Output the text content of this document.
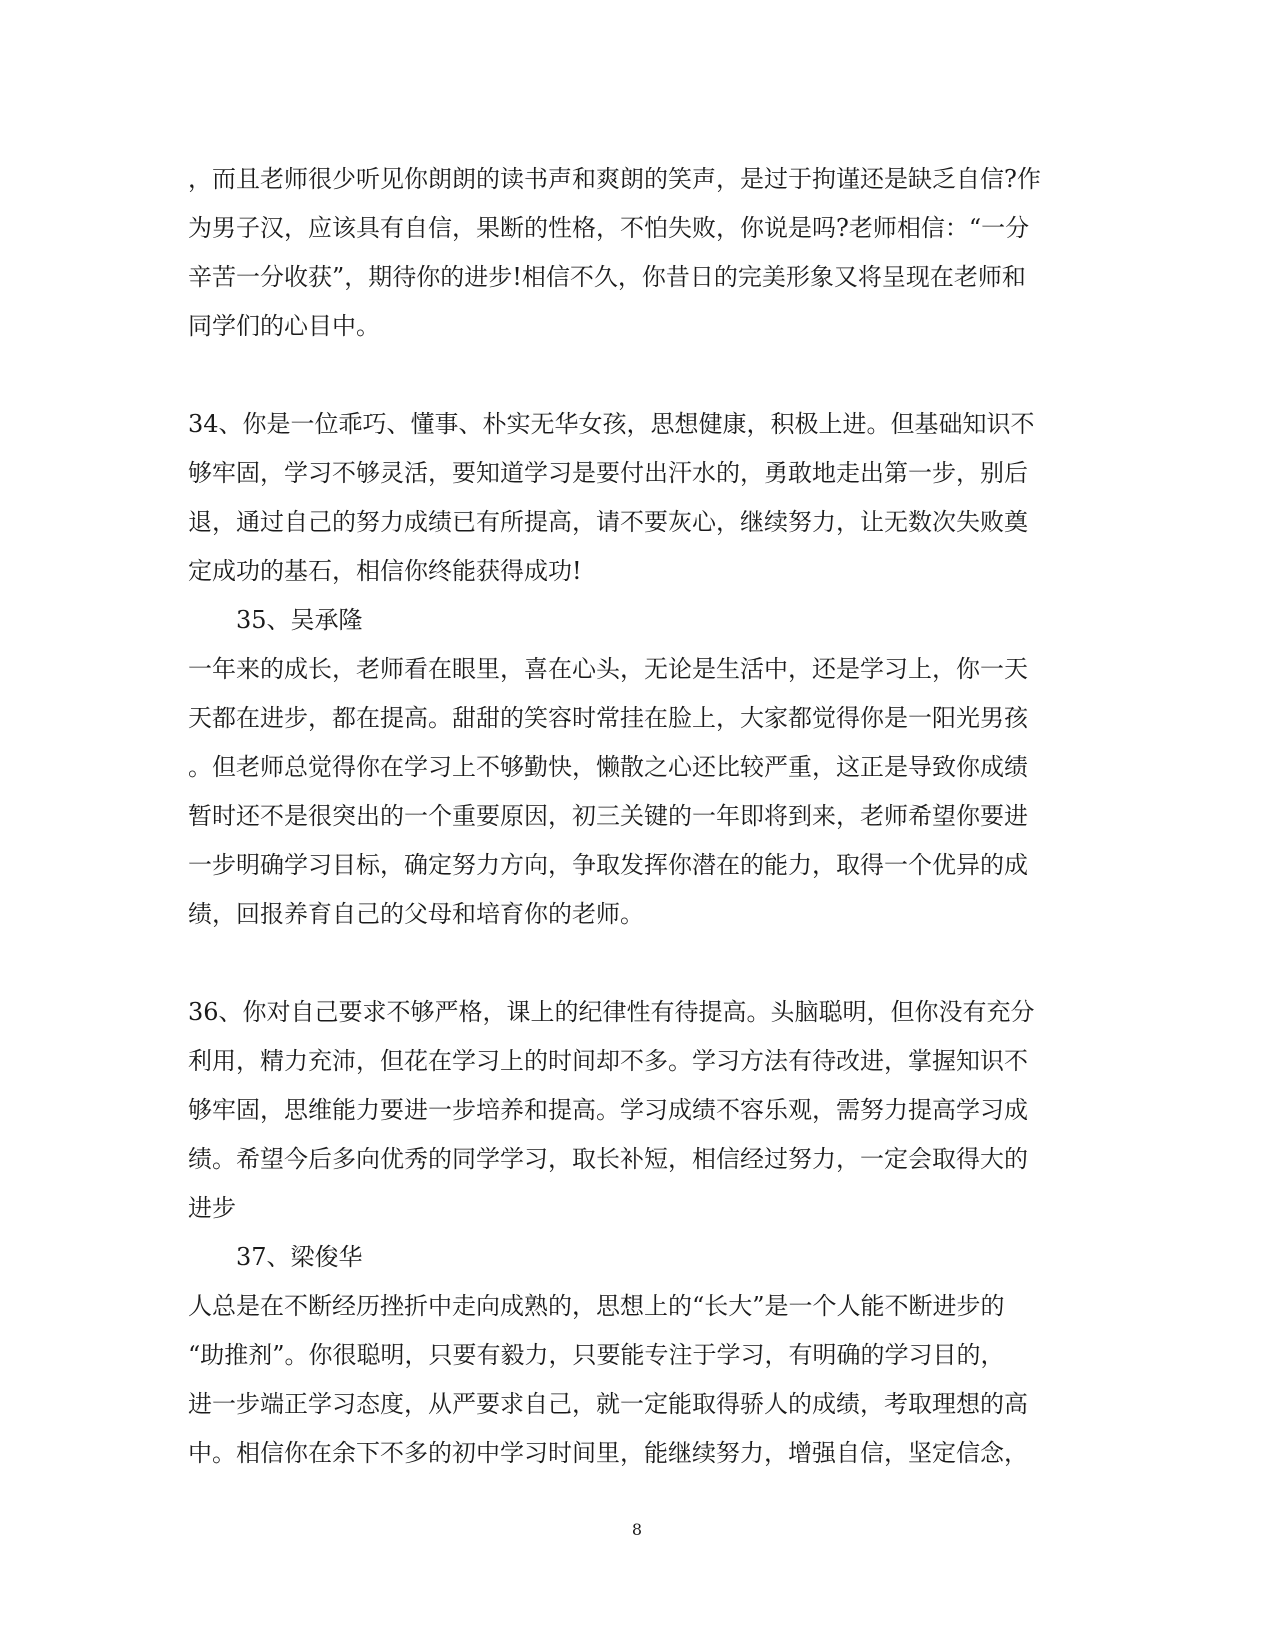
，而且老师很少听见你朗朗的读书声和爽朗的笑声，是过于拘谨还是缺乏自信?作
为男子汉，应该具有自信，果断的性格，不怕失败，你说是吗?老师相信：“一分
辛苦一分收获”，期待你的进步!相信不久，你昔日的完美形象又将呈现在老师和
同学们的心目中。
34、你是一位乖巧、懂事、朴实无华女孩，思想健康，积极上进。但基础知识不
够牢固，学习不够灵活，要知道学习是要付出汗水的，勇敢地走出第一步，别后
退，通过自己的努力成绩已有所提高，请不要灰心，继续努力，让无数次失败奠
定成功的基石，相信你终能获得成功!
35、吴承隆
一年来的成长，老师看在眼里，喜在心头，无论是生活中，还是学习上，你一天
天都在进步，都在提高。甜甜的笑容时常挂在脸上，大家都觉得你是一阳光男孩
。但老师总觉得你在学习上不够勤快，懒散之心还比较严重，这正是导致你成绩
暂时还不是很突出的一个重要原因，初三关键的一年即将到来，老师希望你要进
一步明确学习目标，确定努力方向，争取发挥你潜在的能力，取得一个优异的成
绩，回报养育自己的父母和培育你的老师。
36、你对自己要求不够严格，课上的纪律性有待提高。头脑聪明，但你没有充分
利用，精力充沛，但花在学习上的时间却不多。学习方法有待改进，掌握知识不
够牢固，思维能力要进一步培养和提高。学习成绩不容乐观，需努力提高学习成
绩。希望今后多向优秀的同学学习，取长补短，相信经过努力，一定会取得大的
进步
37、梁俊华
人总是在不断经历挫折中走向成熟的，思想上的“长大”是一个人能不断进步的
“助推剂”。你很聪明，只要有毅力，只要能专注于学习，有明确的学习目的，
进一步端正学习态度，从严要求自己，就一定能取得骄人的成绩，考取理想的高
中。相信你在余下不多的初中学习时间里，能继续努力，增强自信，坚定信念，
8
